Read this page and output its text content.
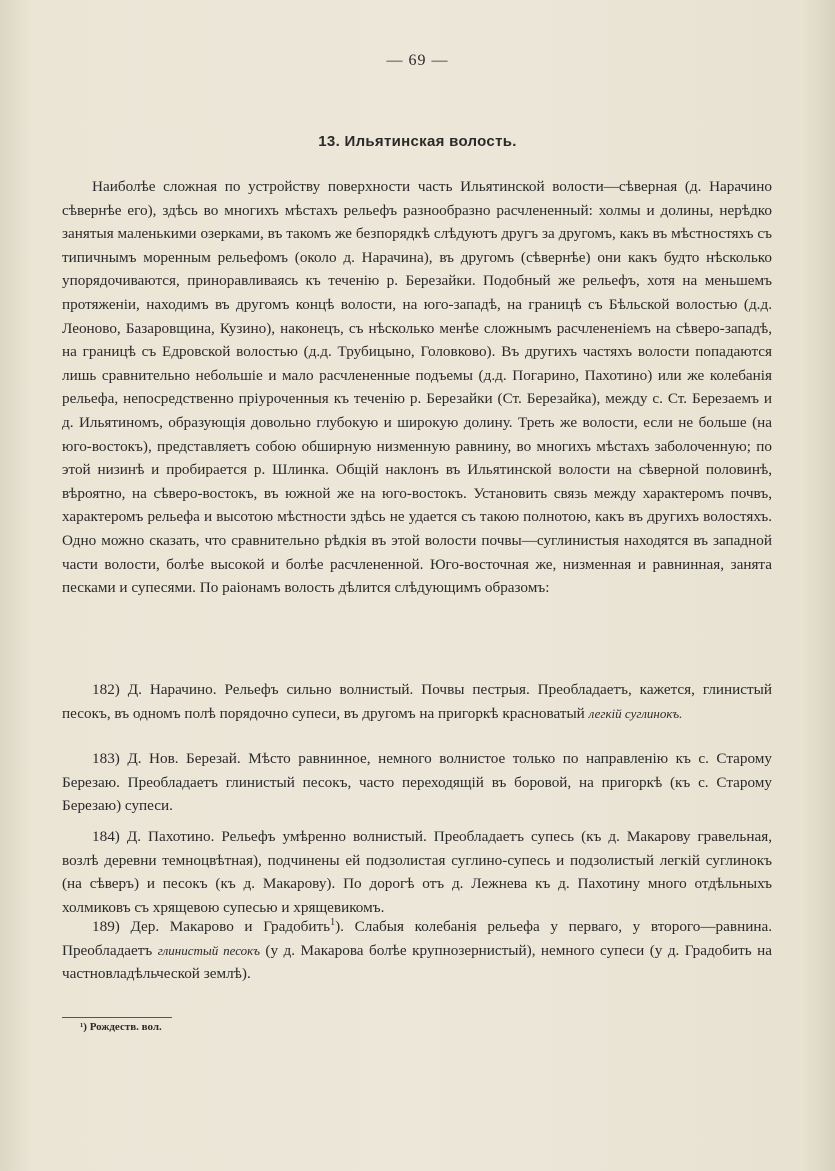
— 69 —
13. Ильятинская волость.
Наиболѣе сложная по устройству поверхности часть Ильятинской волости—сѣверная (д. Нарачино сѣвернѣе его), здѣсь во многихъ мѣстахъ рельефъ разнообразно расчлененный: холмы и долины, нерѣдко занятыя маленькими озерками, въ такомъ же безпорядкѣ слѣдуютъ другъ за другомъ, какъ въ мѣстностяхъ съ типичнымъ моренным рельефомъ (около д. Нарачина), въ другомъ (сѣвернѣе) они какъ будто нѣсколько упорядочиваются, приноравливаясь къ теченію р. Березайки. Подобный же рельефъ, хотя на меньшемъ протяженіи, находимъ въ другомъ концѣ волости, на юго-западѣ, на границѣ съ Бѣльской волостью (д.д. Леоново, Базаровщина, Кузино), наконецъ, съ нѣсколько менѣе сложнымъ расчлененіемъ на сѣверо-западѣ, на границѣ съ Едровской волостью (д.д. Трубицыно, Головково). Въ другихъ частяхъ волости попадаются лишь сравнительно небольшіе и мало расчлененные подъемы (д.д. Погарино, Пахотино) или же колебанія рельефа, непосредственно пріуроченныя къ теченію р. Березайки (Ст. Березайка), между с. Ст. Березаемъ и д. Ильятиномъ, образующія довольно глубокую и широкую долину. Треть же волости, если не больше (на юго-востокъ), представляетъ собою обширную низменную равнину, во многихъ мѣстахъ заболоченную; по этой низинѣ и пробирается р. Шлинка. Общій наклонъ въ Ильятинской волости на сѣверной половинѣ, вѣроятно, на сѣверо-востокъ, въ южной же на юго-востокъ. Установить связь между характеромъ почвъ, характеромъ рельефа и высотою мѣстности здѣсь не удается съ такою полнотою, какъ въ другихъ волостяхъ. Одно можно сказать, что сравнительно рѣдкія въ этой волости почвы—суглинистыя находятся въ западной части волости, болѣе высокой и болѣе расчлененной. Юго-восточная же, низменная и равнинная, занята песками и супесями. По раіонамъ волость дѣлится слѣдующимъ образомъ:
182) Д. Нарачино. Рельефъ сильно волнистый. Почвы пестрыя. Преобладаетъ, кажется, глинистый песокъ, въ одномъ полѣ порядочно супеси, въ другомъ на пригоркѣ красноватый легкій суглинокъ.
183) Д. Нов. Березай. Мѣсто равнинное, немного волнистое только по направленію къ с. Старому Березаю. Преобладаетъ глинистый песокъ, часто переходящій въ боровой, на пригоркѣ (къ с. Старому Березаю) супеси.
184) Д. Пахотино. Рельефъ умѣренно волнистый. Преобладаетъ супесь (къ д. Макарову гравельная, возлѣ деревни темноцвѣтная), подчинены ей подзолистая суглино-супесь и подзолистый легкій суглинокъ (на сѣверъ) и песокъ (къ д. Макарову). По дорогѣ отъ д. Лежнева къ д. Пахотину много отдѣльныхъ холмиковъ съ хрящевою супесью и хрящевикомъ.
189) Дер. Макарово и Градобить$^1$). Слабыя колебанія рельефа у перваго, у второго—равнина. Преобладаетъ глинистый песокъ (у д. Макарова болѣе крупнозернистый), немного супеси (у д. Градобить на частновладѣльческой землѣ).
¹) Рождеств. вол.
